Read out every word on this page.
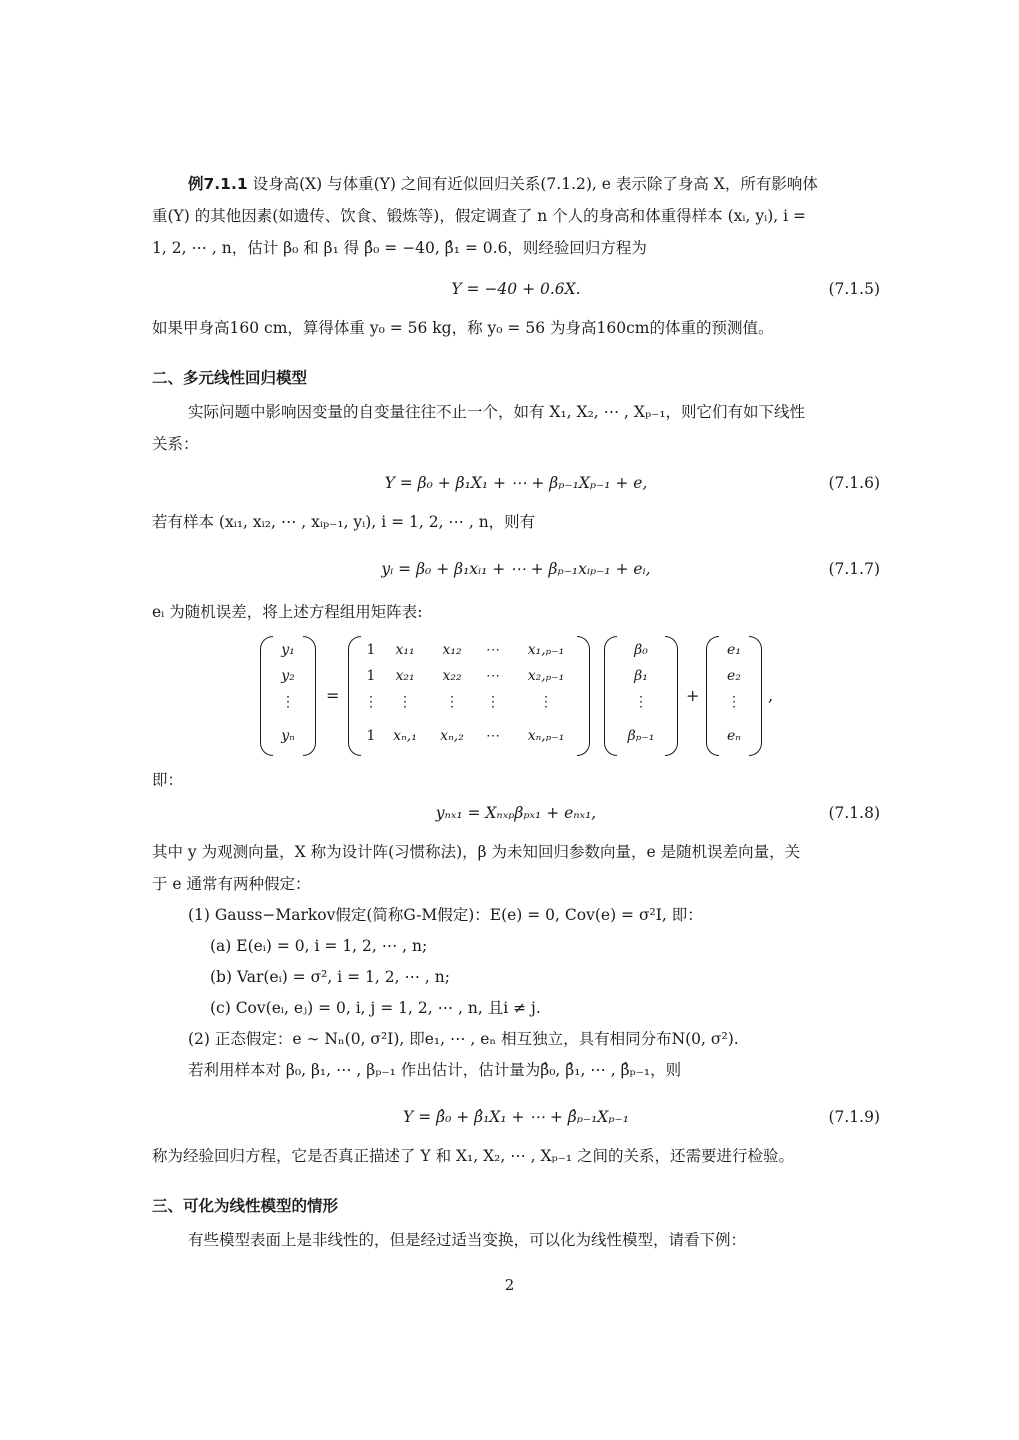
例7.1.1 设身高(X) 与体重(Y) 之间有近似回归关系(7.1.2), e 表示除了身高 X，所有影响体

重(Y) 的其他因素(如遗传、饮食、锻炼等)，假定调查了 n 个人的身高和体重得样本 (xᵢ, yᵢ), i =

1, 2, ⋯ , n，估计 β₀ 和 β₁ 得 β̂₀ = −40, β̂₁ = 0.6，则经验回归方程为

Y = −40 + 0.6X.	(7.1.5)

如果甲身高160 cm，算得体重 y₀ = 56 kg，称 y₀ = 56 为身高160cm的体重的预测值。

二、多元线性回归模型

实际问题中影响因变量的自变量往往不止一个，如有 X₁, X₂, ⋯ , Xₚ₋₁，则它们有如下线性

关系：

Y = β₀ + β₁X₁ + ⋯ + βₚ₋₁Xₚ₋₁ + e,	(7.1.6)

若有样本 (xᵢ₁, xᵢ₂, ⋯ , xᵢₚ₋₁, yᵢ), i = 1, 2, ⋯ , n，则有

yᵢ = β₀ + β₁xᵢ₁ + ⋯ + βₚ₋₁xᵢₚ₋₁ + eᵢ,	(7.1.7)

eᵢ 为随机误差，将上述方程组用矩阵表:

y₁
y₂
⋮
yₙ
=
1	x₁₁	x₁₂	⋯	x₁,ₚ₋₁
1	x₂₁	x₂₂	⋯	x₂,ₚ₋₁
⋮	⋮	⋮	⋮	⋮
1	xₙ,₁	xₙ,₂	⋯	xₙ,ₚ₋₁
β₀
β₁
⋮
βₚ₋₁
+
e₁
e₂
⋮
eₙ
,

即：

yₙₓ₁ = Xₙₓₚβₚₓ₁ + eₙₓ₁,	(7.1.8)

其中 y 为观测向量，X 称为设计阵(习惯称法)，β 为未知回归参数向量，e 是随机误差向量，关

于 e 通常有两种假定：

(1) Gauss−Markov假定(简称G-M假定)：E(e) = 0, Cov(e) = σ²I, 即：
(a) E(eᵢ) = 0, i = 1, 2, ⋯ , n;
(b) Var(eᵢ) = σ², i = 1, 2, ⋯ , n;
(c) Cov(eᵢ, eⱼ) = 0, i, j = 1, 2, ⋯ , n, 且i ≠ j.
(2) 正态假定：e ∼ Nₙ(0, σ²I), 即e₁, ⋯ , eₙ 相互独立，具有相同分布N(0, σ²).
若利用样本对 β₀, β₁, ⋯ , βₚ₋₁ 作出估计，估计量为β̂₀, β̂₁, ⋯ , β̂ₚ₋₁，则
Y = β̂₀ + β̂₁X₁ + ⋯ + β̂ₚ₋₁Xₚ₋₁	(7.1.9)

称为经验回归方程，它是否真正描述了 Y 和 X₁, X₂, ⋯ , Xₚ₋₁ 之间的关系，还需要进行检验。

三、可化为线性模型的情形

有些模型表面上是非线性的，但是经过适当变换，可以化为线性模型，请看下例：

2
